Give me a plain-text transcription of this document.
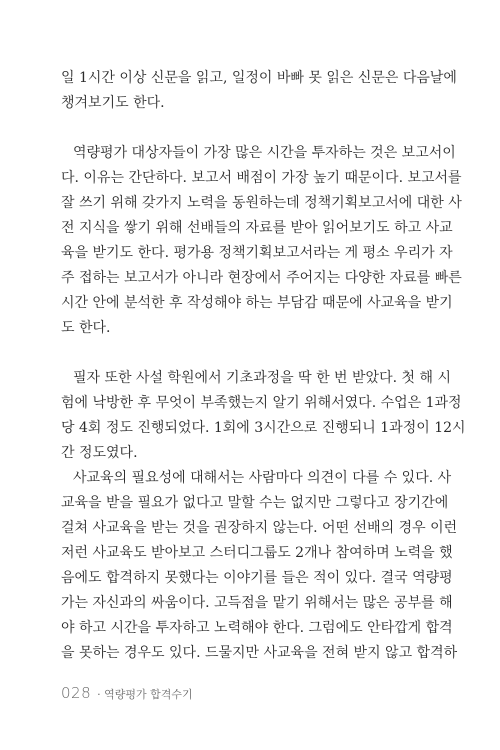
일 1시간 이상 신문을 읽고, 일정이 바빠 못 읽은 신문은 다음날에
챙겨보기도 한다.
역량평가 대상자들이 가장 많은 시간을 투자하는 것은 보고서이
다. 이유는 간단하다. 보고서 배점이 가장 높기 때문이다. 보고서를
잘 쓰기 위해 갖가지 노력을 동원하는데 정책기획보고서에 대한 사
전 지식을 쌓기 위해 선배들의 자료를 받아 읽어보기도 하고 사교
육을 받기도 한다. 평가용 정책기획보고서라는 게 평소 우리가 자
주 접하는 보고서가 아니라 현장에서 주어지는 다양한 자료를 빠른
시간 안에 분석한 후 작성해야 하는 부담감 때문에 사교육을 받기
도 한다.
필자 또한 사설 학원에서 기초과정을 딱 한 번 받았다. 첫 해 시
험에 낙방한 후 무엇이 부족했는지 알기 위해서였다. 수업은 1과정
당 4회 정도 진행되었다. 1회에 3시간으로 진행되니 1과정이 12시
간 정도였다.
사교육의 필요성에 대해서는 사람마다 의견이 다를 수 있다. 사
교육을 받을 필요가 없다고 말할 수는 없지만 그렇다고 장기간에
걸쳐 사교육을 받는 것을 권장하지 않는다. 어떤 선배의 경우 이런
저런 사교육도 받아보고 스터디그룹도 2개나 참여하며 노력을 했
음에도 합격하지 못했다는 이야기를 들은 적이 있다. 결국 역량평
가는 자신과의 싸움이다. 고득점을 맡기 위해서는 많은 공부를 해
야 하고 시간을 투자하고 노력해야 한다. 그럼에도 안타깝게 합격
을 못하는 경우도 있다. 드물지만 사교육을 전혀 받지 않고 합격하
028 · 역량평가 합격수기
